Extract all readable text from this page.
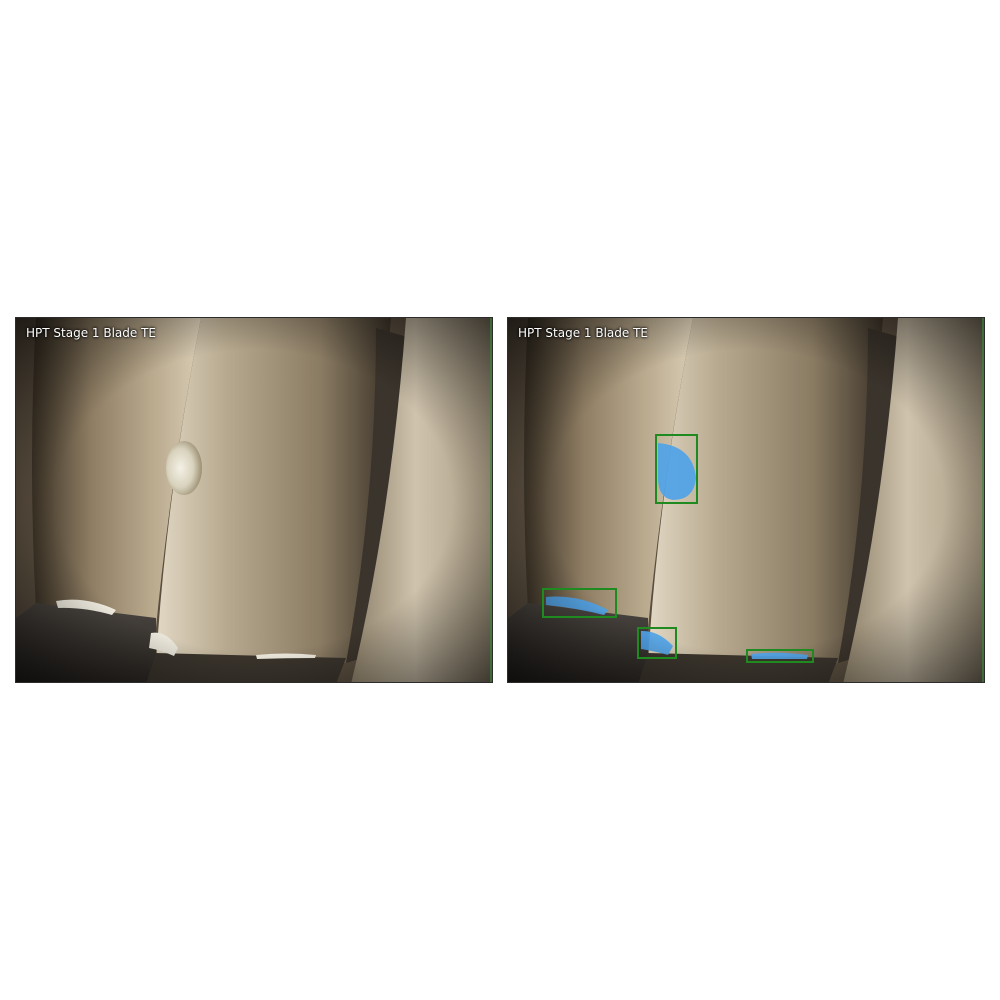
HPT Stage 1 Blade TE	HPT Stage 1 Blade TE
